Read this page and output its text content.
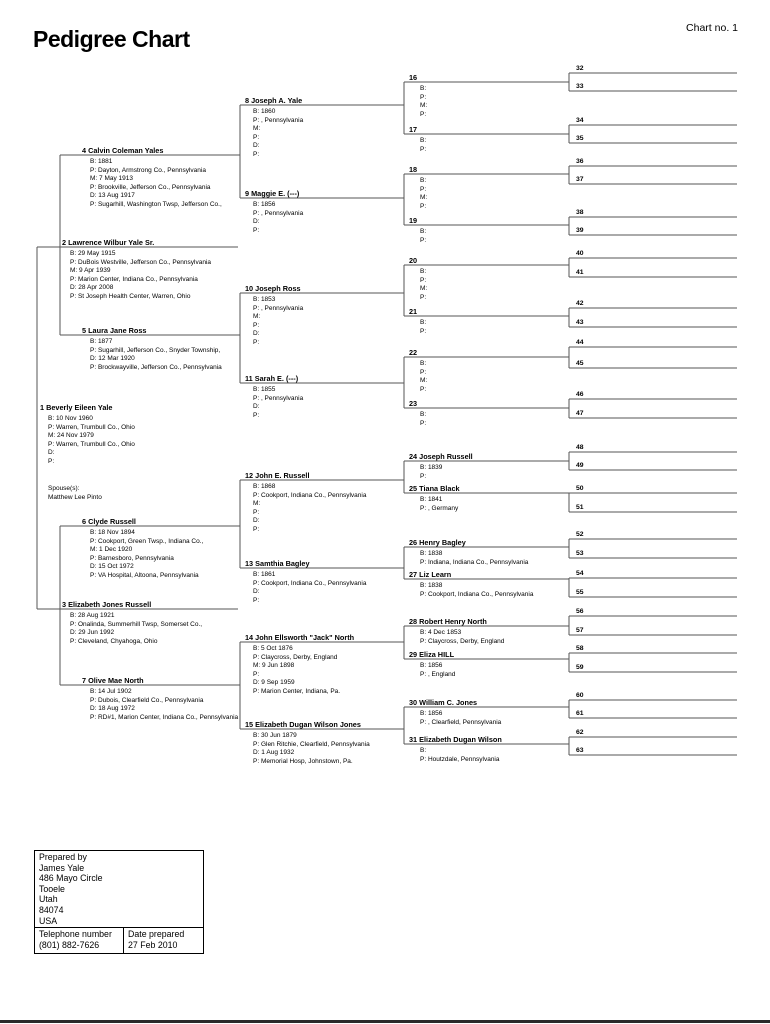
Pedigree Chart	Chart no. 1
1 Beverly Eileen Yale
B: 10 Nov 1960
P: Warren, Trumbull Co., Ohio
M: 24 Nov 1979
P: Warren, Trumbull Co., Ohio
D:
P:
Spouse(s):
Matthew Lee Pinto
2 Lawrence Wilbur Yale Sr.
B: 29 May 1915
P: DuBois Westville, Jefferson Co., Pennsylvania
M: 9 Apr 1939
P: Marion Center, Indiana Co., Pennsylvania
D: 28 Apr 2008
P: St Joseph Health Center, Warren, Ohio
3 Elizabeth Jones Russell
B: 28 Aug 1921
P: Onalinda, Summerhill Twsp, Somerset Co.,
D: 29 Jun 1992
P: Cleveland, Chyahoga, Ohio
4 Calvin Coleman Yales
B: 1881
P: Dayton, Armstrong Co., Pennsylvania
M: 7 May 1913
P: Brookville, Jefferson Co., Pennsylvania
D: 13 Aug 1917
P: Sugarhill, Washington Twsp, Jefferson Co.,
5 Laura Jane Ross
B: 1877
P: Sugarhill, Jefferson Co., Snyder Township,
D: 12 Mar 1920
P: Brockwayville, Jefferson Co., Pennsylvania
6 Clyde Russell
B: 18 Nov 1894
P: Cookport, Green Twsp., Indiana Co.,
M: 1 Dec 1920
P: Barnesboro, Pennsylvania
D: 15 Oct 1972
P: VA Hospital, Altoona, Pennsylvania
7 Olive Mae North
B: 14 Jul 1902
P: Dubois, Clearfield Co., Pennsylvania
D: 18 Aug 1972
P: RD#1, Marion Center, Indiana Co., Pennsylvania
8 Joseph A. Yale
B: 1860
P: , Pennsylvania
M:
P:
D:
P:
9 Maggie E. (---)
B: 1856
P: , Pennsylvania
D:
P:
10 Joseph Ross
B: 1853
P: , Pennsylvania
M:
P:
D:
P:
11 Sarah E. (---)
B: 1855
P: , Pennsylvania
D:
P:
12 John E. Russell
B: 1868
P: Cookport, Indiana Co., Pennsylvania
M:
P:
D:
P:
13 Samthia Bagley
B: 1861
P: Cookport, Indiana Co., Pennsylvania
D:
P:
14 John Ellsworth "Jack" North
B: 5 Oct 1876
P: Claycross, Derby, England
M: 9 Jun 1898
P:
D: 9 Sep 1959
P: Marion Center, Indiana, Pa.
15 Elizabeth Dugan Wilson Jones
B: 30 Jun 1879
P: Glen Ritchie, Clearfield, Pennsylvania
D: 1 Aug 1932
P: Memorial Hosp, Johnstown, Pa.
16
B:
P:
M:
P:
17
B:
P:
18
B:
P:
M:
P:
19
B:
P:
20
B:
P:
M:
P:
21
B:
P:
22
B:
P:
M:
P:
23
B:
P:
24 Joseph Russell
B: 1839
P:
25 Tiana Black
B: 1841
P: , Germany
26 Henry Bagley
B: 1838
P: Indiana, Indiana Co., Pennsylvania
27 Liz Learn
B: 1838
P: Cookport, Indiana Co., Pennsylvania
28 Robert Henry North
B: 4 Dec 1853
P: Claycross, Derby, England
29 Eliza HILL
B: 1856
P: , England
30 William C. Jones
B: 1856
P: , Clearfield, Pennsylvania
31 Elizabeth Dugan Wilson
B:
P: Houtzdale, Pennsylvania
32
33
34
35
36
37
38
39
40
41
42
43
44
45
46
47
48
49
50
51
52
53
54
55
56
57
58
59
60
61
62
63
Prepared by
James Yale
486 Mayo Circle
Tooele
Utah
84074
USA
Telephone number
(801) 882-7626
Date prepared
27 Feb 2010
